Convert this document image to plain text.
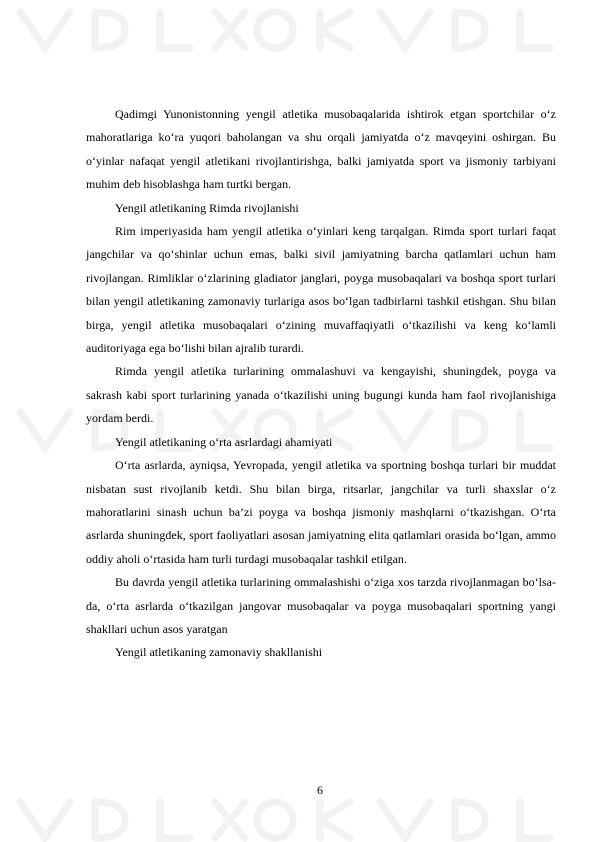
Qadimgi Yunonistonning yengil atletika musobaqalarida ishtirok etgan sportchilar o‘z mahoratlariga ko‘ra yuqori baholangan va shu orqali jamiyatda o‘z mavqeyini oshirgan. Bu o‘yinlar nafaqat yengil atletikani rivojlantirishga, balki jamiyatda sport va jismoniy tarbiyani muhim deb hisoblashga ham turtki bergan.

Yengil atletikaning Rimda rivojlanishi

Rim imperiyasida ham yengil atletika o‘yinlari keng tarqalgan. Rimda sport turlari faqat jangchilar va qo‘shinlar uchun emas, balki sivil jamiyatning barcha qatlamlari uchun ham rivojlangan. Rimliklar o‘zlarining gladiator janglari, poyga musobaqalari va boshqa sport turlari bilan yengil atletikaning zamonaviy turlariga asos bo‘lgan tadbirlarni tashkil etishgan. Shu bilan birga, yengil atletika musobaqalari o‘zining muvaffaqiyatli o‘tkazilishi va keng ko‘lamli auditoriyaga ega bo‘lishi bilan ajralib turardi.

Rimda yengil atletika turlarining ommalashuvi va kengayishi, shuningdek, poyga va sakrash kabi sport turlarining yanada o‘tkazilishi uning bugungi kunda ham faol rivojlanishiga yordam berdi.

Yengil atletikaning o‘rta asrlardagi ahamiyati

O‘rta asrlarda, ayniqsa, Yevropada, yengil atletika va sportning boshqa turlari bir muddat nisbatan sust rivojlanib ketdi. Shu bilan birga, ritsarlar, jangchilar va turli shaxslar o‘z mahoratlarini sinash uchun ba’zi poyga va boshqa jismoniy mashqlarni o‘tkazishgan. O‘rta asrlarda shuningdek, sport faoliyatlari asosan jamiyatning elita qatlamlari orasida bo‘lgan, ammo oddiy aholi o‘rtasida ham turli turdagi musobaqalar tashkil etilgan.

Bu davrda yengil atletika turlarining ommalashishi o‘ziga xos tarzda rivojlanmagan bo‘lsa-da, o‘rta asrlarda o‘tkazilgan jangovar musobaqalar va poyga musobaqalari sportning yangi shakllari uchun asos yaratgan

Yengil atletikaning zamonaviy shakllanishi

6
